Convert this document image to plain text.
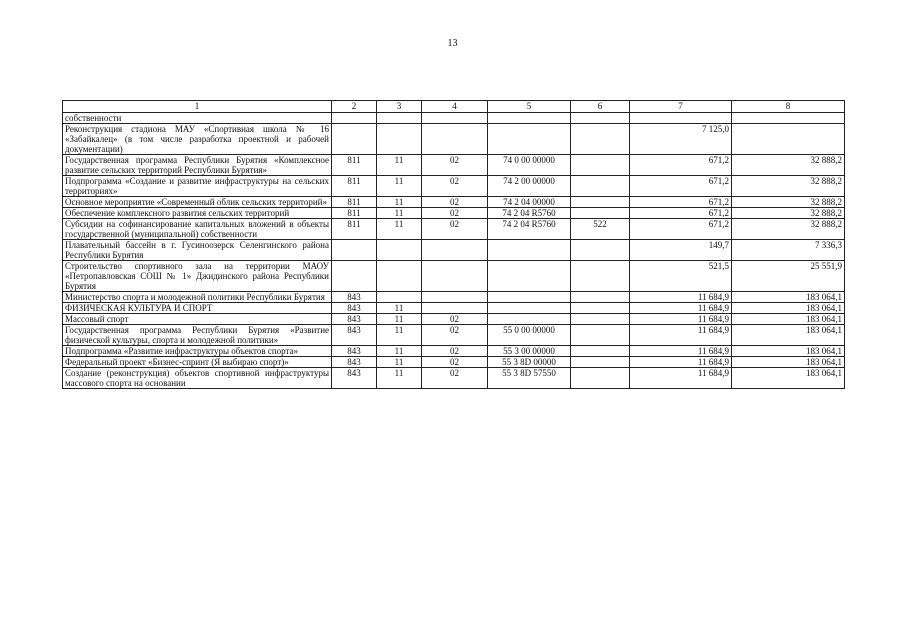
13
1	2	3	4	5	6	7	8
собственности							
Реконструкция стадиона МАУ «Спортивная школа № 16 «Забайкалец» (в том числе разработка проектной и рабочей документации)						7 125,0	
Государственная программа Республики Бурятия «Комплексное развитие сельских территорий Республики Бурятия»	811	11	02	74 0 00 00000		671,2	32 888,2
Подпрограмма «Создание и развитие инфраструктуры на сельских территориях»	811	11	02	74 2 00 00000		671,2	32 888,2
Основное мероприятие «Современный облик сельских территорий»	811	11	02	74 2 04 00000		671,2	32 888,2
Обеспечение комплексного развития сельских территорий	811	11	02	74 2 04 R5760		671,2	32 888,2
Субсидии на софинансирование капитальных вложений в объекты государственной (муниципальной) собственности	811	11	02	74 2 04 R5760	522	671,2	32 888,2
Плавательный бассейн в г. Гусиноозерск Селенгинского района Республики Бурятия						149,7	7 336,3
Строительство спортивного зала на территории МАОУ «Петропавловская СОШ № 1» Джидинского района Республики Бурятия						521,5	25 551,9
Министерство спорта и молодежной политики Республики Бурятия	843					11 684,9	183 064,1
ФИЗИЧЕСКАЯ КУЛЬТУРА И СПОРТ	843	11				11 684,9	183 064,1
Массовый спорт	843	11	02			11 684,9	183 064,1
Государственная программа Республики Бурятия «Развитие физической культуры, спорта и молодежной политики»	843	11	02	55 0 00 00000		11 684,9	183 064,1
Подпрограмма «Развитие инфраструктуры объектов спорта»	843	11	02	55 3 00 00000		11 684,9	183 064,1
Федеральный проект «Бизнес-спринт (Я выбираю спорт)»	843	11	02	55 3 8D 00000		11 684,9	183 064,1
Создание (реконструкция) объектов спортивной инфраструктуры массового спорта на основании	843	11	02	55 3 8D 57550		11 684,9	183 064,1
